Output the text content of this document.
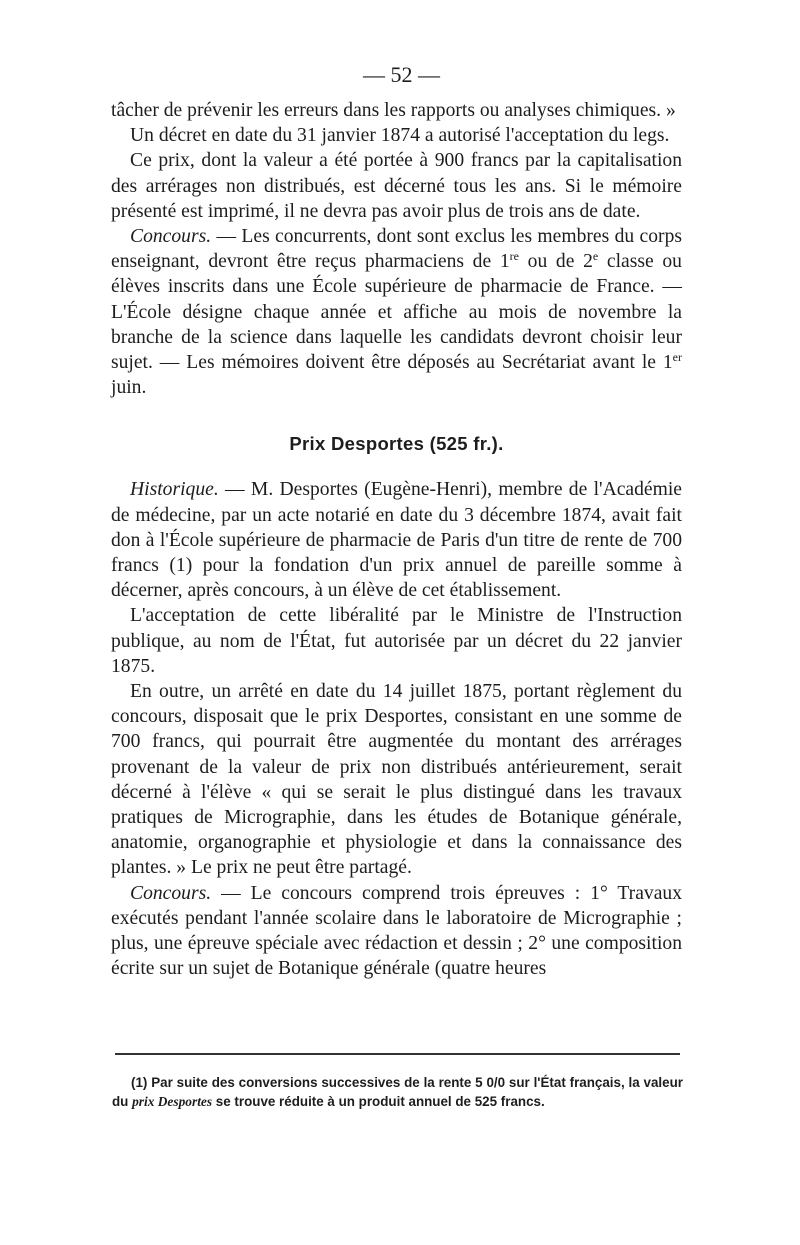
— 52 —

tâcher de prévenir les erreurs dans les rapports ou analyses chimiques. »

Un décret en date du 31 janvier 1874 a autorisé l'acceptation du legs.

Ce prix, dont la valeur a été portée à 900 francs par la capitalisation des arrérages non distribués, est décerné tous les ans. Si le mémoire présenté est imprimé, il ne devra pas avoir plus de trois ans de date.

Concours. — Les concurrents, dont sont exclus les membres du corps enseignant, devront être reçus pharmaciens de 1re ou de 2e classe ou élèves inscrits dans une École supérieure de pharmacie de France. — L'École désigne chaque année et affiche au mois de novembre la branche de la science dans laquelle les candidats devront choisir leur sujet. — Les mémoires doivent être déposés au Secrétariat avant le 1er juin.

Prix Desportes (525 fr.).

Historique. — M. Desportes (Eugène-Henri), membre de l'Académie de médecine, par un acte notarié en date du 3 décembre 1874, avait fait don à l'École supérieure de pharmacie de Paris d'un titre de rente de 700 francs (1) pour la fondation d'un prix annuel de pareille somme à décerner, après concours, à un élève de cet établissement.

L'acceptation de cette libéralité par le Ministre de l'Instruction publique, au nom de l'État, fut autorisée par un décret du 22 janvier 1875.

En outre, un arrêté en date du 14 juillet 1875, portant règlement du concours, disposait que le prix Desportes, consistant en une somme de 700 francs, qui pourrait être augmentée du montant des arrérages provenant de la valeur de prix non distribués antérieurement, serait décerné à l'élève « qui se serait le plus distingué dans les travaux pratiques de Micrographie, dans les études de Botanique générale, anatomie, organographie et physiologie et dans la connaissance des plantes. » Le prix ne peut être partagé.

Concours. — Le concours comprend trois épreuves : 1° Travaux exécutés pendant l'année scolaire dans le laboratoire de Micrographie ; plus, une épreuve spéciale avec rédaction et dessin ; 2° une composition écrite sur un sujet de Botanique générale (quatre heures

(1) Par suite des conversions successives de la rente 5 0/0 sur l'État français, la valeur du prix Desportes se trouve réduite à un produit annuel de 525 francs.
